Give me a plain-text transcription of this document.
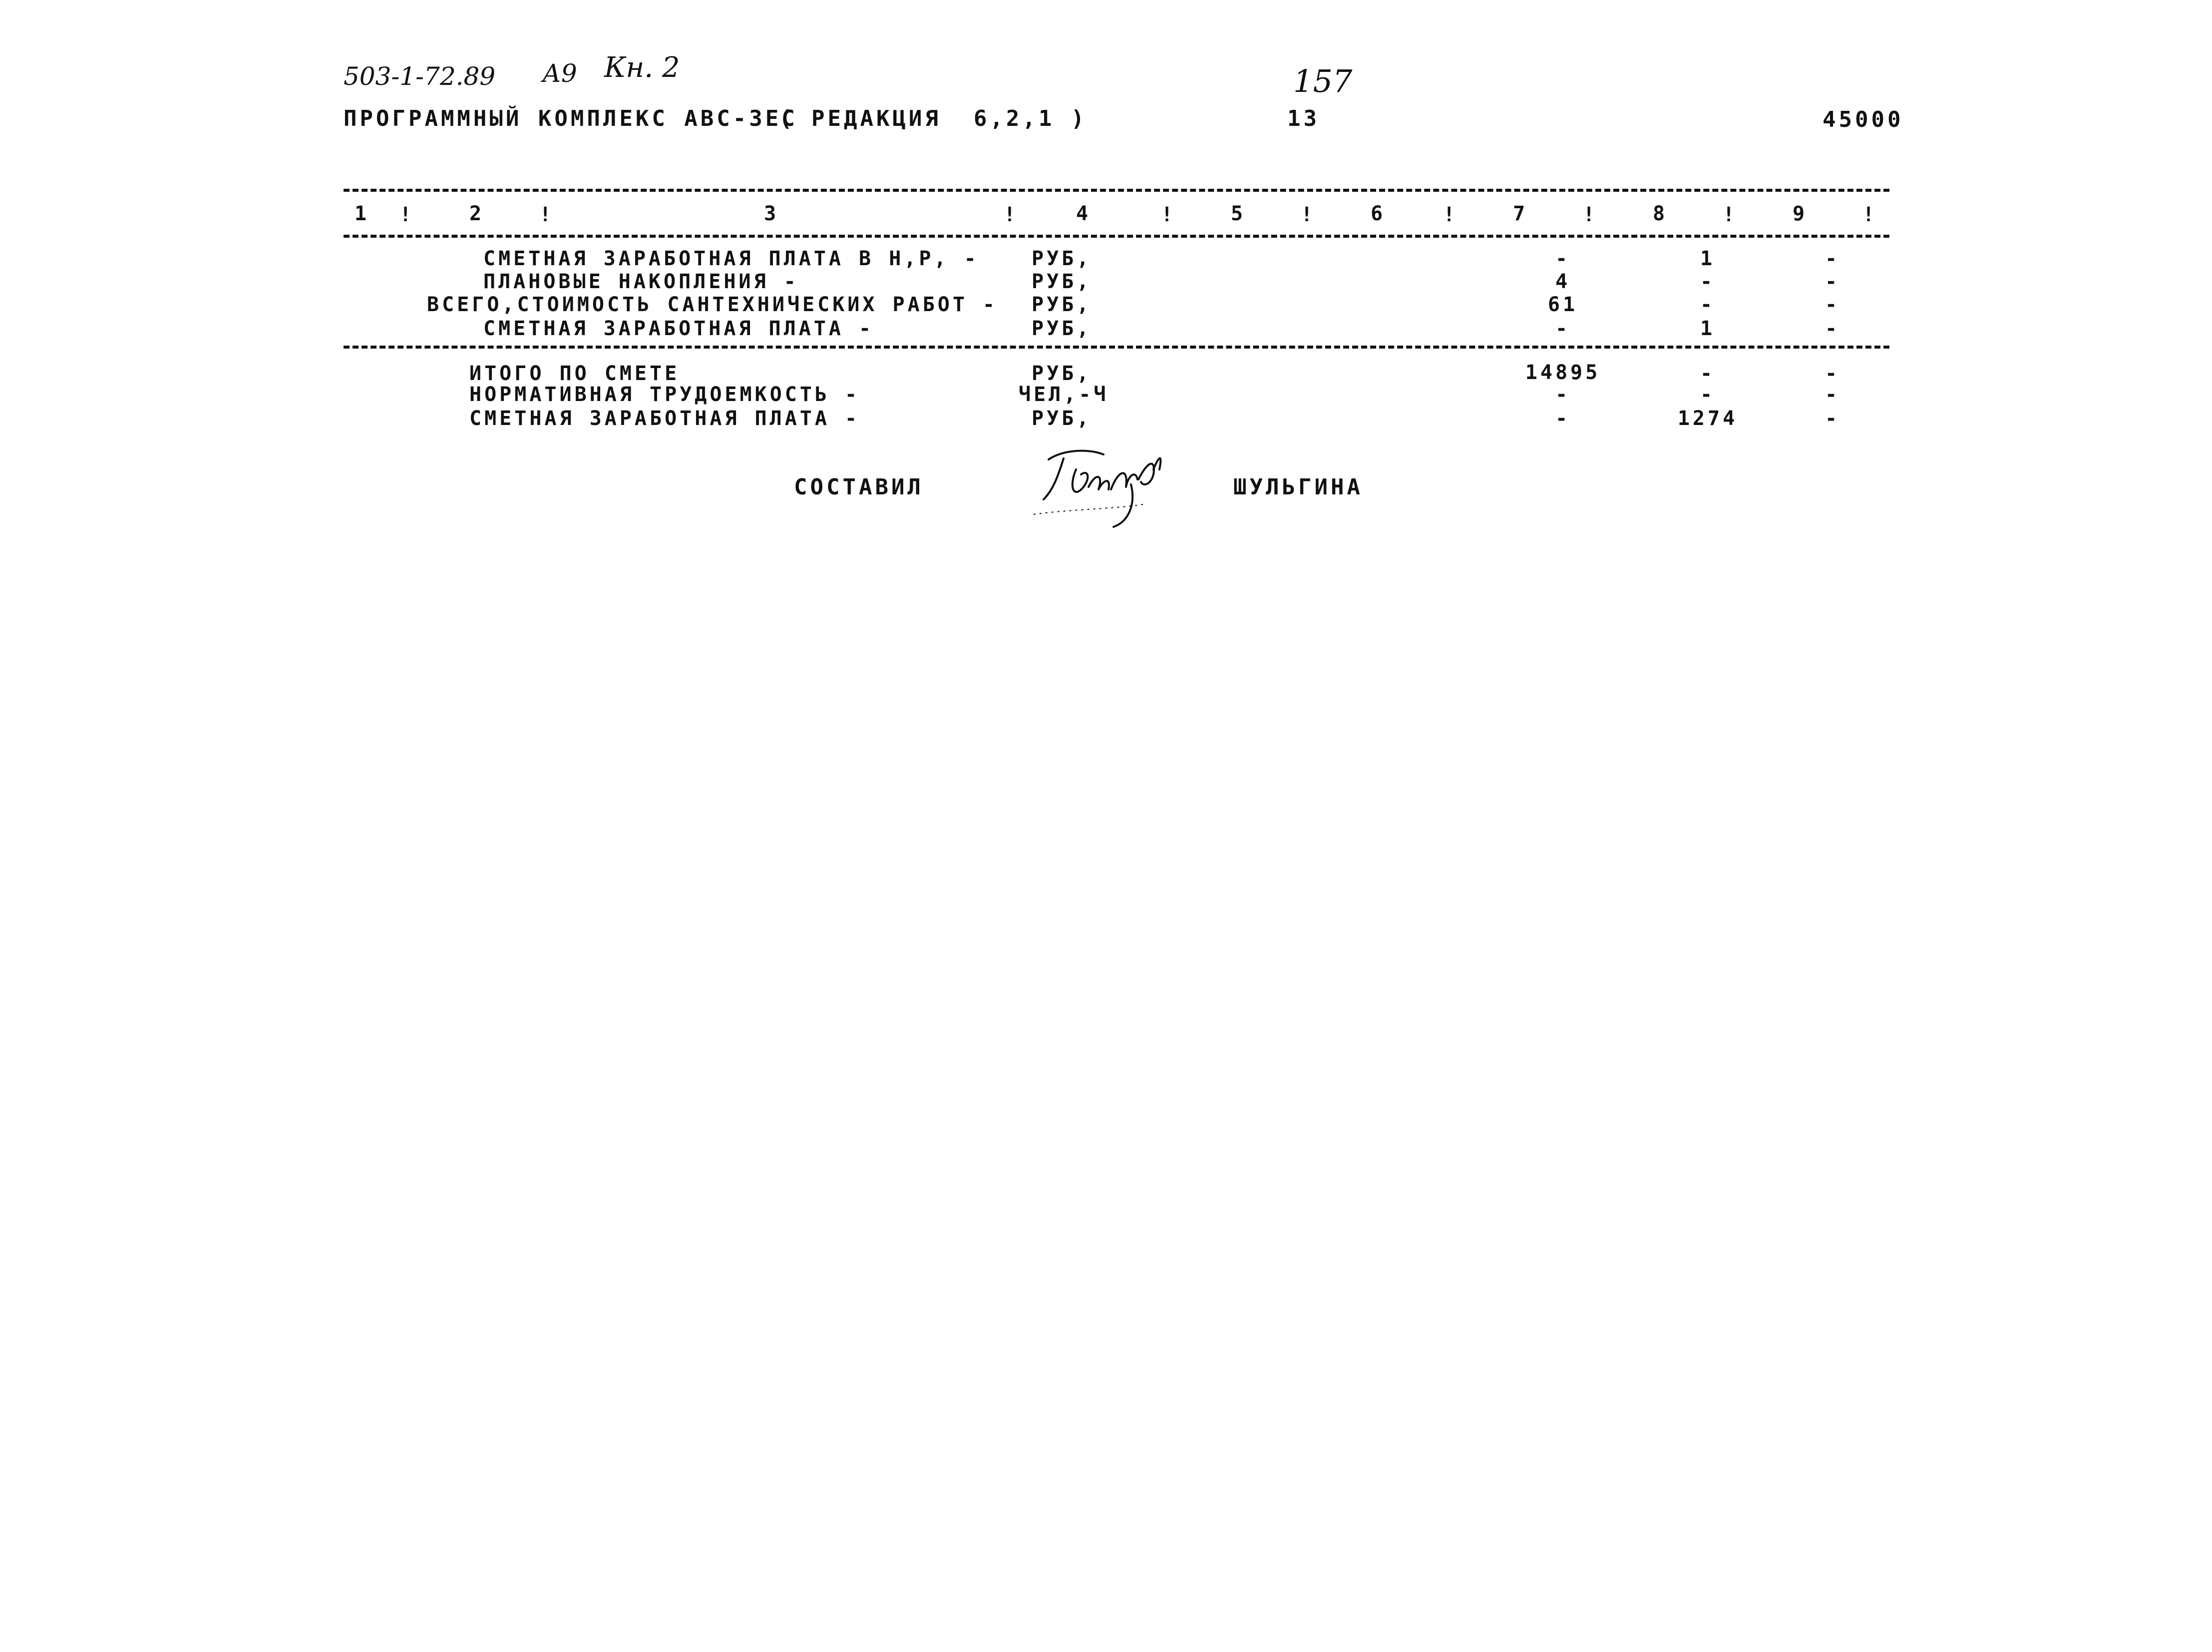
503-1-72.89 А9 Кн. 2	157
ПРОГРАММНЫЙ КОМПЛЕКС АВС-ЗЕС
( РЕДАКЦИЯ  6,2,1 )	13	45000
1 !	2	!	3	!	4	!	5	!	6	!	7	!	8	!	9	!
СМЕТНАЯ ЗАРАБОТНАЯ ПЛАТА В Н,Р, -	РУБ,	-	1	-
ПЛАНОВЫЕ НАКОПЛЕНИЯ -	РУБ,	4	-	-
ВСЕГО,СТОИМОСТЬ САНТЕХНИЧЕСКИХ РАБОТ - РУБ,	61	-	-
СМЕТНАЯ ЗАРАБОТНАЯ ПЛАТА -	РУБ,	-	1	-
ИТОГО ПО СМЕТЕ	РУБ,	14895	-	-
НОРМАТИВНАЯ ТРУДОЕМКОСТЬ -	ЧЕЛ,-Ч	-	-	-
СМЕТНАЯ ЗАРАБОТНАЯ ПЛАТА -	РУБ,	-	1274	-
СОСТАВИЛ	ШУЛЬГИНА
